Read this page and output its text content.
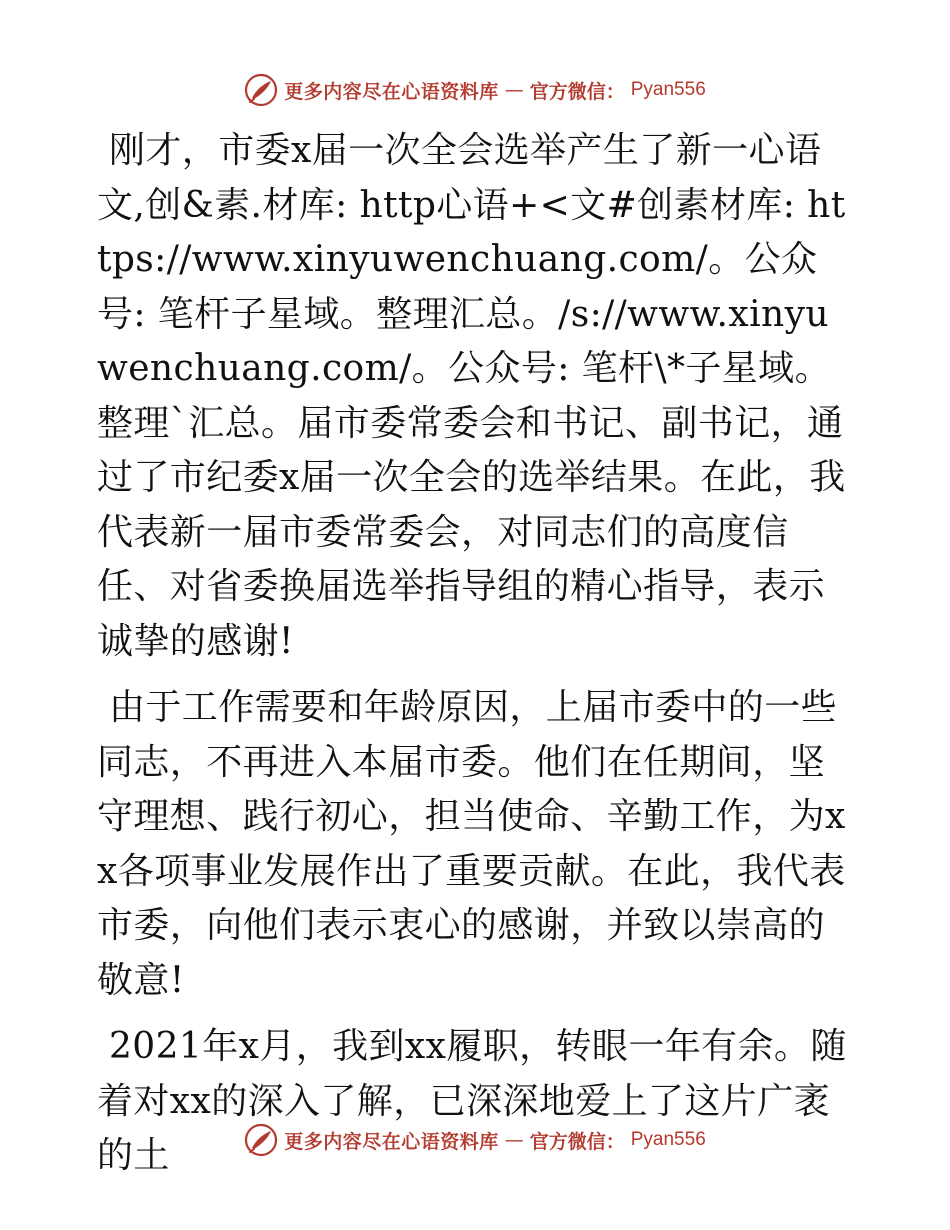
更多内容尽在心语资料库 — 官方微信： Pyan556

刚才，市委x届一次全会选举产生了新一心语文,创&素.材库: http心语+<文#创素材库: https://www.xinyuwenchuang.com/。公众号: 笔杆子星域。整理汇总。/s://www.xinyuwenchuang.com/。公众号: 笔杆\*子星域。整理`汇总。届市委常委会和书记、副书记，通过了市纪委x届一次全会的选举结果。在此，我代表新一届市委常委会，对同志们的高度信任、对省委换届选举指导组的精心指导，表示诚挚的感谢!

由于工作需要和年龄原因，上届市委中的一些同志，不再进入本届市委。他们在任期间，坚守理想、践行初心，担当使命、辛勤工作，为xx各项事业发展作出了重要贡献。在此，我代表市委，向他们表示衷心的感谢，并致以崇高的敬意!

2021年x月，我到xx履职，转眼一年有余。随着对xx的深入了解，已深深地爱上了这片广袤的土	更多内容尽在心语资料库 — 官方微信： Pyan556
